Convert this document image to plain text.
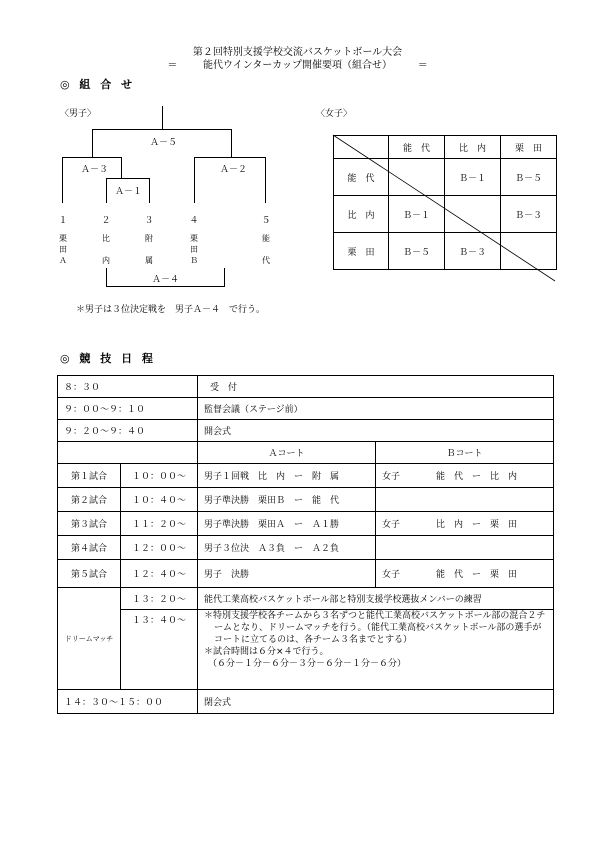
第２回特別支援学校交流バスケットボール大会
＝	能代ウインターカップ開催要項（組合せ）	＝
◎ 組 合 せ
〈男子〉
Ａ－５
Ａ－３
Ａ－１
Ａ－２
１	２	３	４	５
栗
田
Ａ
比

内
附

属
栗
田
Ｂ
能

代
Ａ－４
＊男子は３位決定戦を　男子Ａ－４　で行う。
〈女子〉
	能　代	比　内	栗　田
能　代		Ｂ－１	Ｂ－５
比　内	Ｂ－１		Ｂ－３
栗　田	Ｂ－５	Ｂ－３	
◎ 競 技 日 程
８：３０		受　付	
９：００～９：１０		監督会議（ステージ前）	
９：２０～９：４０		開会式	
		Ａコート	Ｂコート
第１試合	１０：００～	男子１回戦　比　内　ー　附　属	女子　　　　能　代　ー　比　内
第２試合	１０：４０～	男子準決勝　栗田Ｂ　ー　能　代	
第３試合	１１：２０～	男子準決勝　栗田Ａ　ー　Ａ１勝	女子　　　　比　内　ー　栗　田
第４試合	１２：００～	男子３位決　Ａ３負　ー　Ａ２負	
第５試合	１２：４０～	男子　決勝	女子　　　　能　代　ー　栗　田
ドリームマッチ	１３：２０～	能代工業高校バスケットボール部と特別支援学校選抜メンバーの練習	
	１３：４０～	＊特別支援学校各チームから３名ずつと能代工業高校バスケットボール部の混合２チームとなり、ドリームマッチを行う。（能代工業高校バスケットボール部の選手がコートに立てるのは、各チーム３名までとする）
＊試合時間は６分×４で行う。
（６分－１分－６分－３分－６分－１分－６分）	

１４：３０～１５：００		閉会式	
